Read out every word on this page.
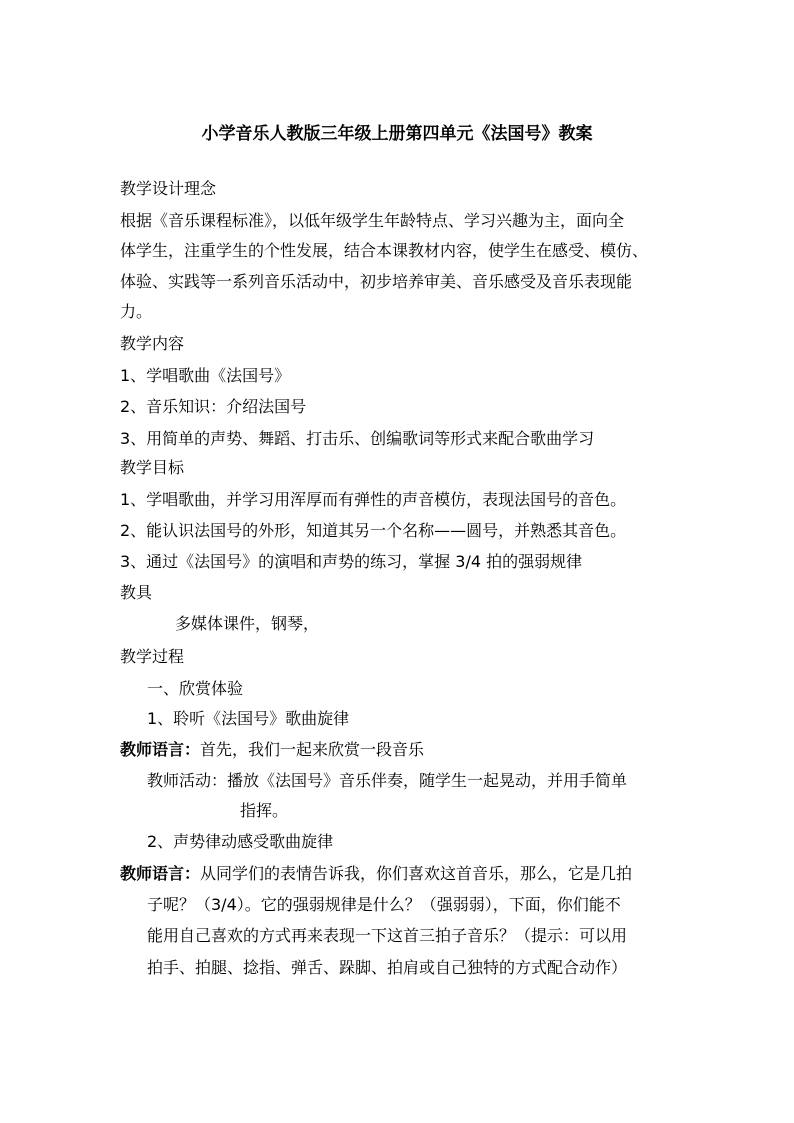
小学音乐人教版三年级上册第四单元《法国号》教案
教学设计理念
根据《音乐课程标准》，以低年级学生年龄特点、学习兴趣为主，面向全
体学生，注重学生的个性发展，结合本课教材内容，使学生在感受、模仿、
体验、实践等一系列音乐活动中，初步培养审美、音乐感受及音乐表现能
力。
教学内容
1、学唱歌曲《法国号》
2、音乐知识：介绍法国号
3、用简单的声势、舞蹈、打击乐、创编歌词等形式来配合歌曲学习
教学目标
1、学唱歌曲，并学习用浑厚而有弹性的声音模仿，表现法国号的音色。
2、能认识法国号的外形，知道其另一个名称——圆号，并熟悉其音色。
3、通过《法国号》的演唱和声势的练习，掌握 3/4 拍的强弱规律
教具
多媒体课件，钢琴，
教学过程
一、欣赏体验
1、聆听《法国号》歌曲旋律
教师语言：首先，我们一起来欣赏一段音乐
教师活动：播放《法国号》音乐伴奏，随学生一起晃动，并用手简单
指挥。
2、声势律动感受歌曲旋律
教师语言：从同学们的表情告诉我，你们喜欢这首音乐，那么，它是几拍
子呢？（3/4）。它的强弱规律是什么？（强弱弱），下面，你们能不
能用自己喜欢的方式再来表现一下这首三拍子音乐？（提示：可以用
拍手、拍腿、捻指、弹舌、跺脚、拍肩或自己独特的方式配合动作）
